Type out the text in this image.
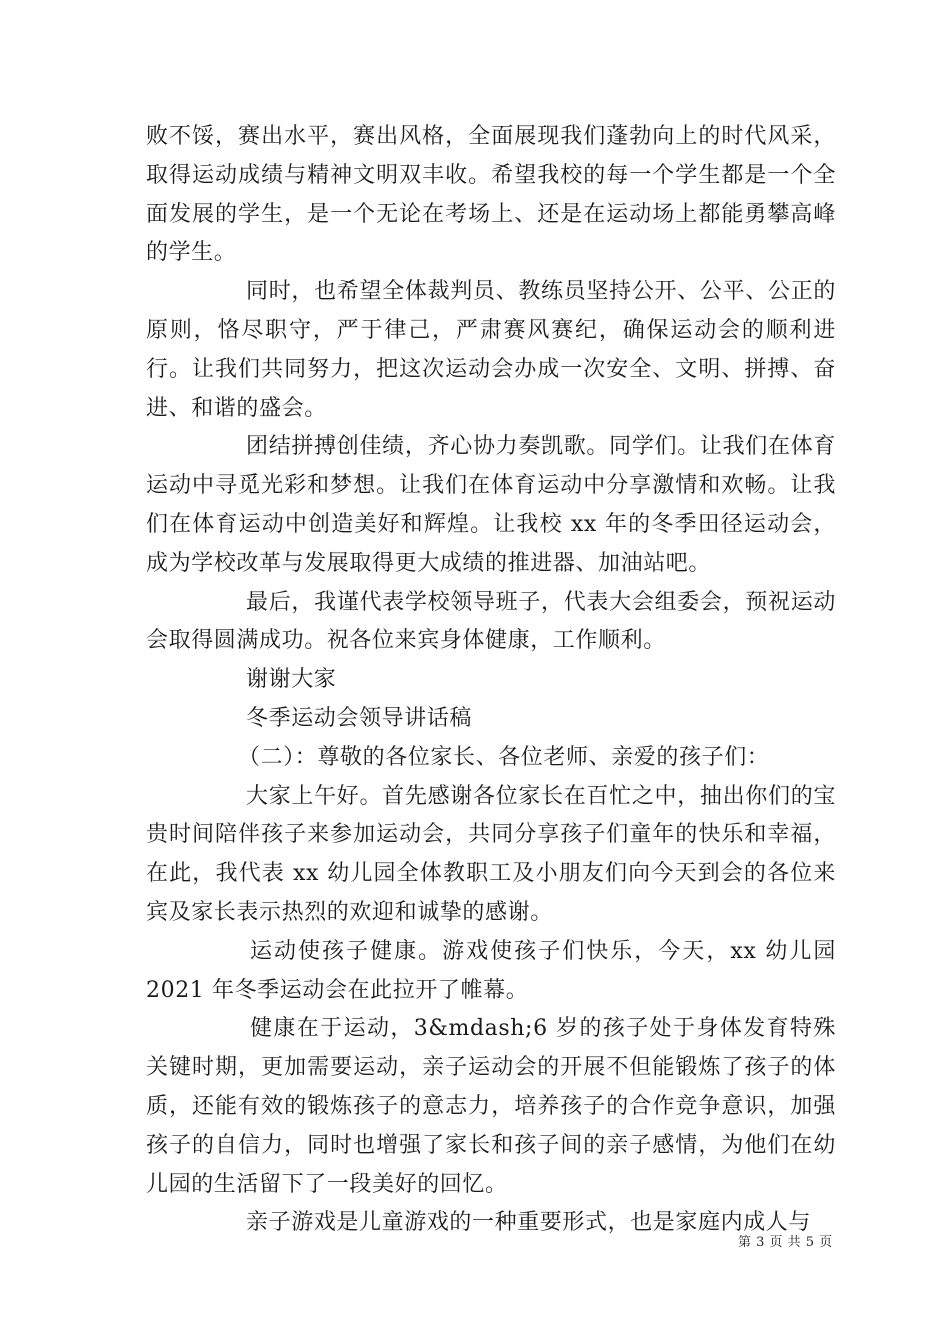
败不馁，赛出水平，赛出风格，全面展现我们蓬勃向上的时代风采，取得运动成绩与精神文明双丰收。希望我校的每一个学生都是一个全面发展的学生，是一个无论在考场上、还是在运动场上都能勇攀高峰的学生。

同时，也希望全体裁判员、教练员坚持公开、公平、公正的原则，恪尽职守，严于律己，严肃赛风赛纪，确保运动会的顺利进行。让我们共同努力，把这次运动会办成一次安全、文明、拼搏、奋进、和谐的盛会。

团结拼搏创佳绩，齐心协力奏凯歌。同学们。让我们在体育运动中寻觅光彩和梦想。让我们在体育运动中分享激情和欢畅。让我们在体育运动中创造美好和辉煌。让我校 xx 年的冬季田径运动会，成为学校改革与发展取得更大成绩的推进器、加油站吧。

最后，我谨代表学校领导班子，代表大会组委会，预祝运动会取得圆满成功。祝各位来宾身体健康，工作顺利。

谢谢大家

冬季运动会领导讲话稿

（二）：尊敬的各位家长、各位老师、亲爱的孩子们：

大家上午好。首先感谢各位家长在百忙之中，抽出你们的宝贵时间陪伴孩子来参加运动会，共同分享孩子们童年的快乐和幸福，在此，我代表 xx 幼儿园全体教职工及小朋友们向今天到会的各位来宾及家长表示热烈的欢迎和诚挚的感谢。

运动使孩子健康。游戏使孩子们快乐，今天，xx 幼儿园 2021 年冬季运动会在此拉开了帷幕。

健康在于运动，3&mdash;6 岁的孩子处于身体发育特殊关键时期，更加需要运动，亲子运动会的开展不但能锻炼了孩子的体质，还能有效的锻炼孩子的意志力，培养孩子的合作竞争意识，加强孩子的自信力，同时也增强了家长和孩子间的亲子感情，为他们在幼儿园的生活留下了一段美好的回忆。

亲子游戏是儿童游戏的一种重要形式，也是家庭内成人与

第 3 页 共 5 页
